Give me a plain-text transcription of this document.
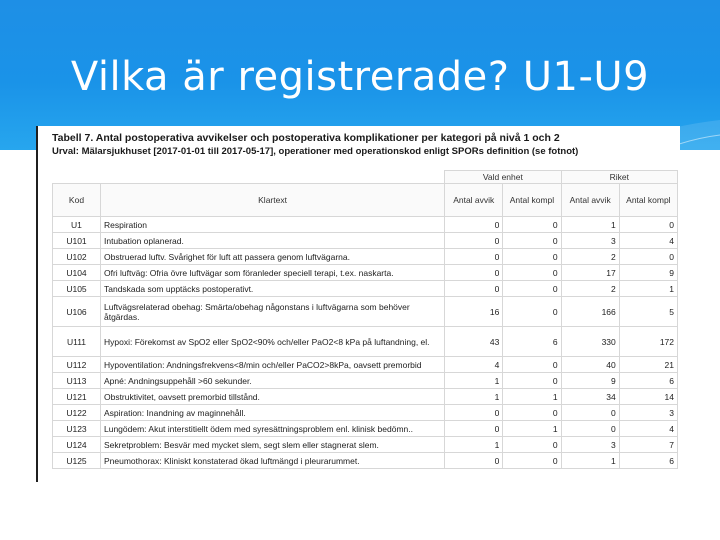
Vilka är registrerade? U1-U9
Tabell 7. Antal postoperativa avvikelser och postoperativa komplikationer per kategori på nivå 1 och 2
Urval: Mälarsjukhuset [2017-01-01 till 2017-05-17], operationer med operationskod enligt SPORs definition (se fotnot)
		Vald enhet		Riket	
Kod	Klartext	Antal avvik	Antal kompl	Antal avvik	Antal kompl
U1	Respiration	0	0	1	0
U101	Intubation oplanerad.	0	0	3	4
U102	Obstruerad luftv. Svårighet för luft att passera genom luftvägarna.	0	0	2	0
U104	Ofri luftväg: Ofria övre luftvägar som föranleder speciell terapi, t.ex. naskarta.	0	0	17	9
U105	Tandskada som upptäcks postoperativt.	0	0	2	1
U106	Luftvägsrelaterad obehag: Smärta/obehag någonstans i luftvägarna som behöver åtgärdas.	16	0	166	5
U111	Hypoxi: Förekomst av SpO2 eller SpO2<90% och/eller PaO2<8 kPa på luftandning, el.	43	6	330	172
U112	Hypoventilation: Andningsfrekvens<8/min och/eller PaCO2>8kPa, oavsett premorbid	4	0	40	21
U113	Apné: Andningsuppehåll >60 sekunder.	1	0	9	6
U121	Obstruktivitet, oavsett premorbid tillstånd.	1	1	34	14
U122	Aspiration: Inandning av maginnehåll.	0	0	0	3
U123	Lungödem: Akut interstitiellt ödem med syresättningsproblem enl. klinisk bedömn..	0	1	0	4
U124	Sekretproblem: Besvär med mycket slem, segt slem eller stagnerat slem.	1	0	3	7
U125	Pneumothorax: Kliniskt konstaterad ökad luftmängd i pleurarummet.	0	0	1	6
